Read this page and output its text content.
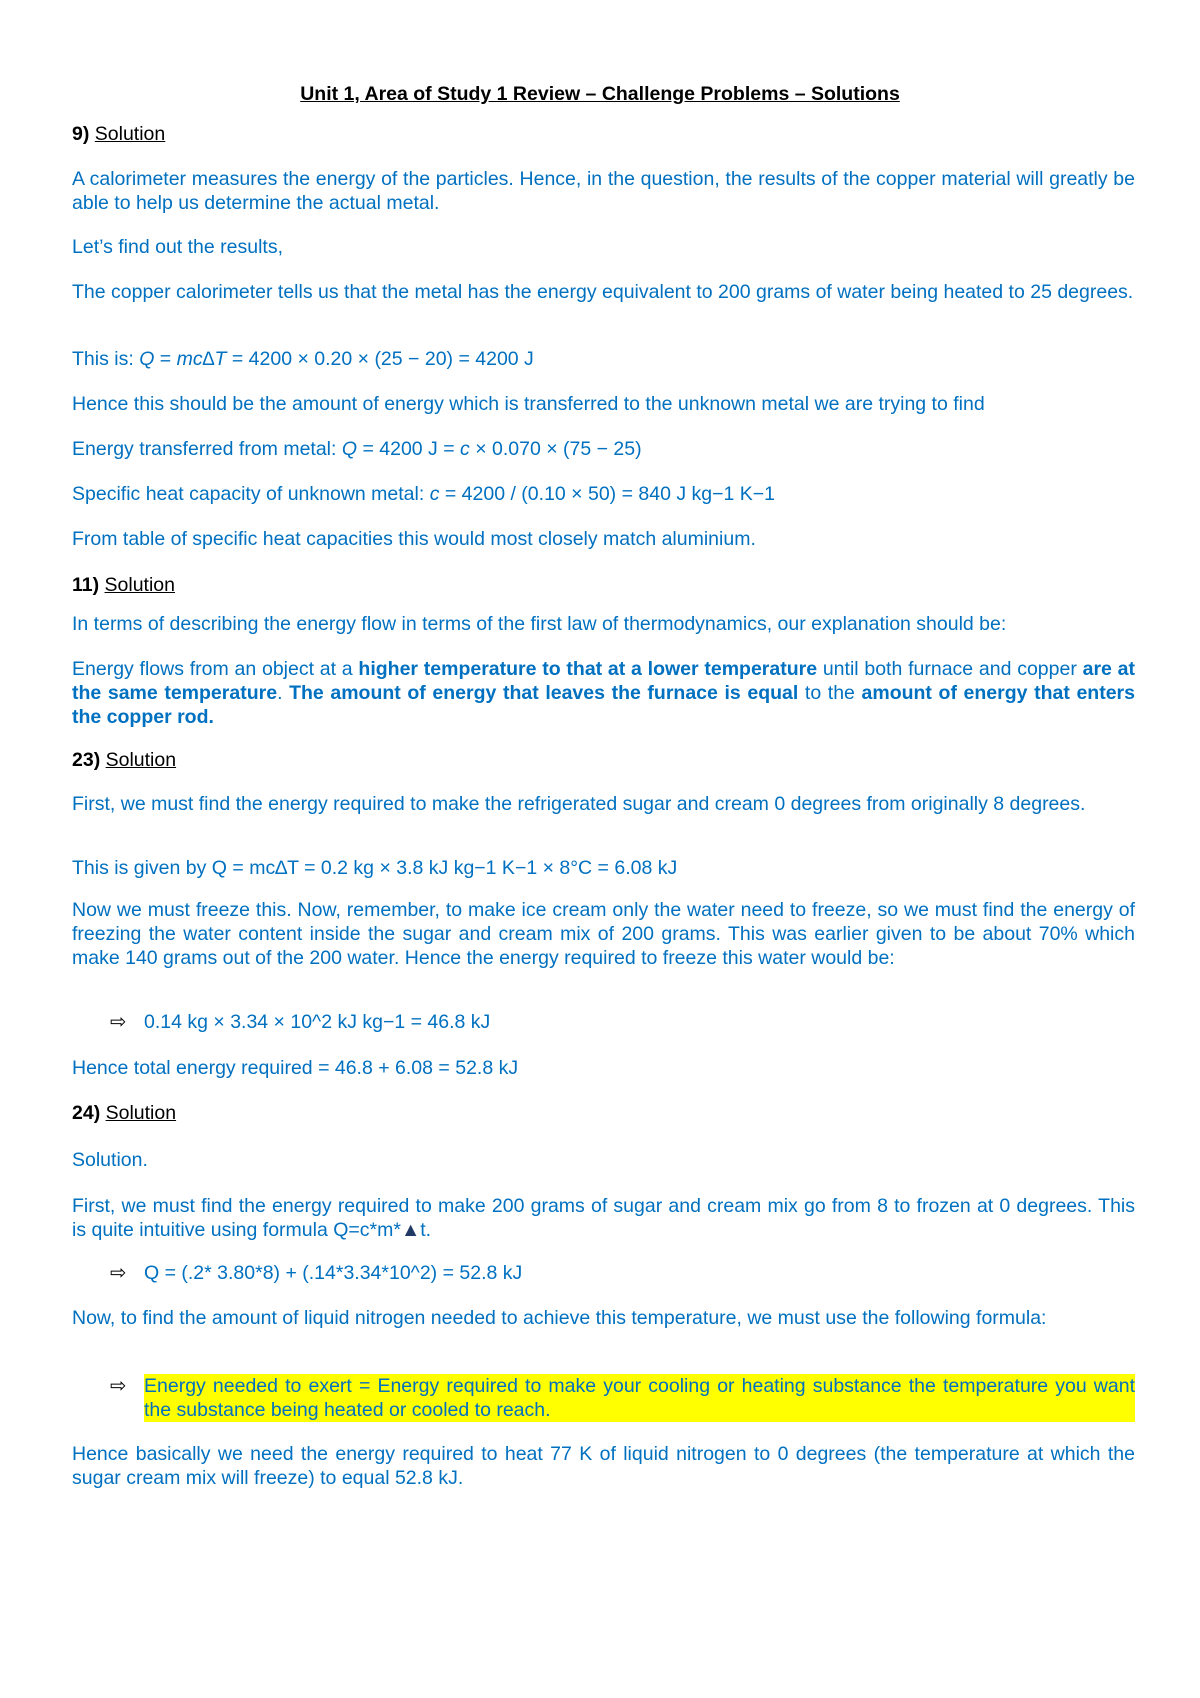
Unit 1, Area of Study 1 Review – Challenge Problems – Solutions

9) Solution

A calorimeter measures the energy of the particles. Hence, in the question, the results of the copper material will greatly be able to help us determine the actual metal.

Let’s find out the results,

The copper calorimeter tells us that the metal has the energy equivalent to 200 grams of water being heated to 25 degrees.

This is: Q = mc∆T = 4200 × 0.20 × (25 − 20) = 4200 J

Hence this should be the amount of energy which is transferred to the unknown metal we are trying to find

Energy transferred from metal: Q = 4200 J = c × 0.070 × (75 − 25)

Specific heat capacity of unknown metal: c = 4200 / (0.10 × 50) = 840 J kg−1 K−1

From table of specific heat capacities this would most closely match aluminium.

11) Solution

In terms of describing the energy flow in terms of the first law of thermodynamics, our explanation should be:

Energy flows from an object at a higher temperature to that at a lower temperature until both furnace and copper are at the same temperature. The amount of energy that leaves the furnace is equal to the amount of energy that enters the copper rod.

23) Solution

First, we must find the energy required to make the refrigerated sugar and cream 0 degrees from originally 8 degrees.

This is given by Q = mc∆T = 0.2 kg × 3.8 kJ kg−1 K−1 × 8°C = 6.08 kJ

Now we must freeze this. Now, remember, to make ice cream only the water need to freeze, so we must find the energy of freezing the water content inside the sugar and cream mix of 200 grams. This was earlier given to be about 70% which make 140 grams out of the 200 water. Hence the energy required to freeze this water would be:

⇨ 0.14 kg × 3.34 × 10^2 kJ kg−1 = 46.8 kJ

Hence total energy required = 46.8 + 6.08 = 52.8 kJ

24) Solution

Solution.

First, we must find the energy required to make 200 grams of sugar and cream mix go from 8 to frozen at 0 degrees. This is quite intuitive using formula Q=c*m*▲t.

⇨ Q = (.2* 3.80*8) + (.14*3.34*10^2) = 52.8 kJ

Now, to find the amount of liquid nitrogen needed to achieve this temperature, we must use the following formula:

⇨ Energy needed to exert = Energy required to make your cooling or heating substance the temperature you want the substance being heated or cooled to reach.

Hence basically we need the energy required to heat 77 K of liquid nitrogen to 0 degrees (the temperature at which the sugar cream mix will freeze) to equal 52.8 kJ.
